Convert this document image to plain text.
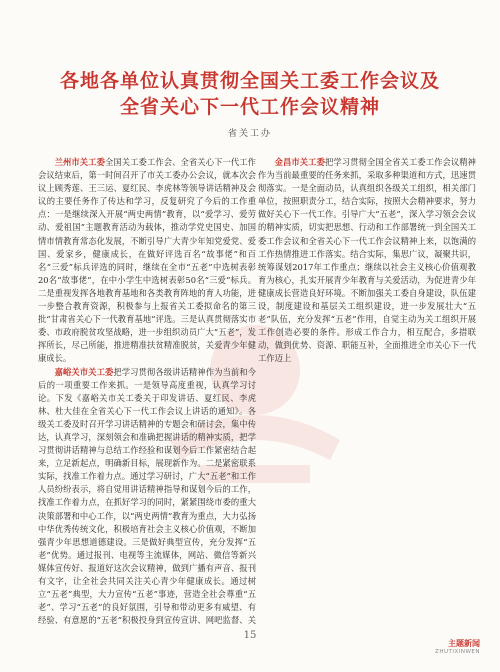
各地各单位认真贯彻全国关工委工作会议及
全省关心下一代工作会议精神
省关工办

兰州市关工委全国关工委工作会、全省关心下一代工作会议结束后，第一时间召开了市关工委办公会议，就本次会议上顾秀莲、王三运、夏红民、李虎林等领导讲话精神及会议的主要任务作了传达和学习，反复研究了今后的工作重点：一是继续深入开展“两史两情”教育，以“爱学习、爱劳动、爱祖国”主题教育活动为载体，推动学党史国史、加国情市情教育常态化发展，不断引导广大青少年知党爱党、爱国、爱家乡，健康成长，在做好评选百名“故事佬”和百名“三爱”标兵评选的同时，继续在全市“五老”中选树表彰20名“故事佬”，在中小学生中选树表彰50名“三爱”标兵。二是重视发挥各地教育基地和各类教育阵地的育人功能，进一步整合教育资源，积极参与上报省关工委拟命名的第三批“甘肃省关心下一代教育基地”评选。三是认真贯彻落实市委、市政府脱贫攻坚战略，进一步组织动员广大“五老”，发挥所长，尽己所能，推进精准扶贫精准脱贫，关爱青少年健康成长。

嘉峪关市关工委把学习贯彻各级讲话精神作为当前和今后的一项重要工作来抓。一是领导高度重视，认真学习讨论。下发《嘉峪关市关工委关于印发讲话、夏红民、李虎林、杜大佳在全省关心下一代工作会议上讲话的通知》。各级关工委及时召开学习讲话精神的专题会和研讨会，集中传达，认真学习，深刻领会和准确把握讲话的精神实质，把学习贯彻讲话精神与总结工作经验和谋划今后工作紧密结合起来，立足新起点，明确新目标，展现新作为。二是紧密联系实际，找准工作着力点。通过学习研讨，广大“五老”和工作人员纷纷表示，将自觉用讲话精神指导和谋划今后的工作，找准工作着力点，在抓好学习的同时，紧紧围绕市委的重大决策部署和中心工作，以“两史两情”教育为重点，大力弘扬中华优秀传统文化，积极培育社会主义核心价值观，不断加强青少年思想道德建设。三是做好典型宣传，充分发挥“五老”优势。通过报刊、电视等主流媒体，网站、微信等新兴媒体宣传好、报道好这次会议精神，做到广播有声音、报刊有文字，让全社会共同关注关心青少年健康成长。通过树立“五老”典型，大力宣传“五老”事迹，营造全社会尊重“五老”、学习“五老”的良好氛围，引导和带动更多有威望、有经验、有意愿的“五老”积极投身到宣传宣讲、网吧监督、关

金昌市关工委把学习贯彻全国全省关工委工作会议精神作为当前最重要的任务来抓，采取多种渠道和方式，迅速贯彻落实。一是全面动员，认真组织各级关工组织，相关部门单位，按照职责分工，结合实际，按照大会精神要求，努力做好关心下一代工作。引导广大“五老”，深入学习领会会议的精神实质，切实把思想、行动和工作部署统一到全国关工委工作会议和全省关心下一代工作会议精神上来，以饱满的工作热情推进工作落实。结合实际，集思广议，凝聚共识，统筹谋划2017年工作重点；继续以社会主义核心价值观教育为核心，扎实开展青少年教育与关爱活动，为促进青少年健康成长营造良好环境。不断加强关工委自身建设，队伍建设，制度建设和基层关工组织建设，进一步发展壮大“五老”队伍，充分发挥“五老”作用，自觉主动为关工组织开展工作创造必要的条件。形成工作合力，相互配合，多措联动，做到优势、资源、职能互补，全面推进全市关心下一代工作迈上

15
主题新闻
ZHUTIXINWEN
